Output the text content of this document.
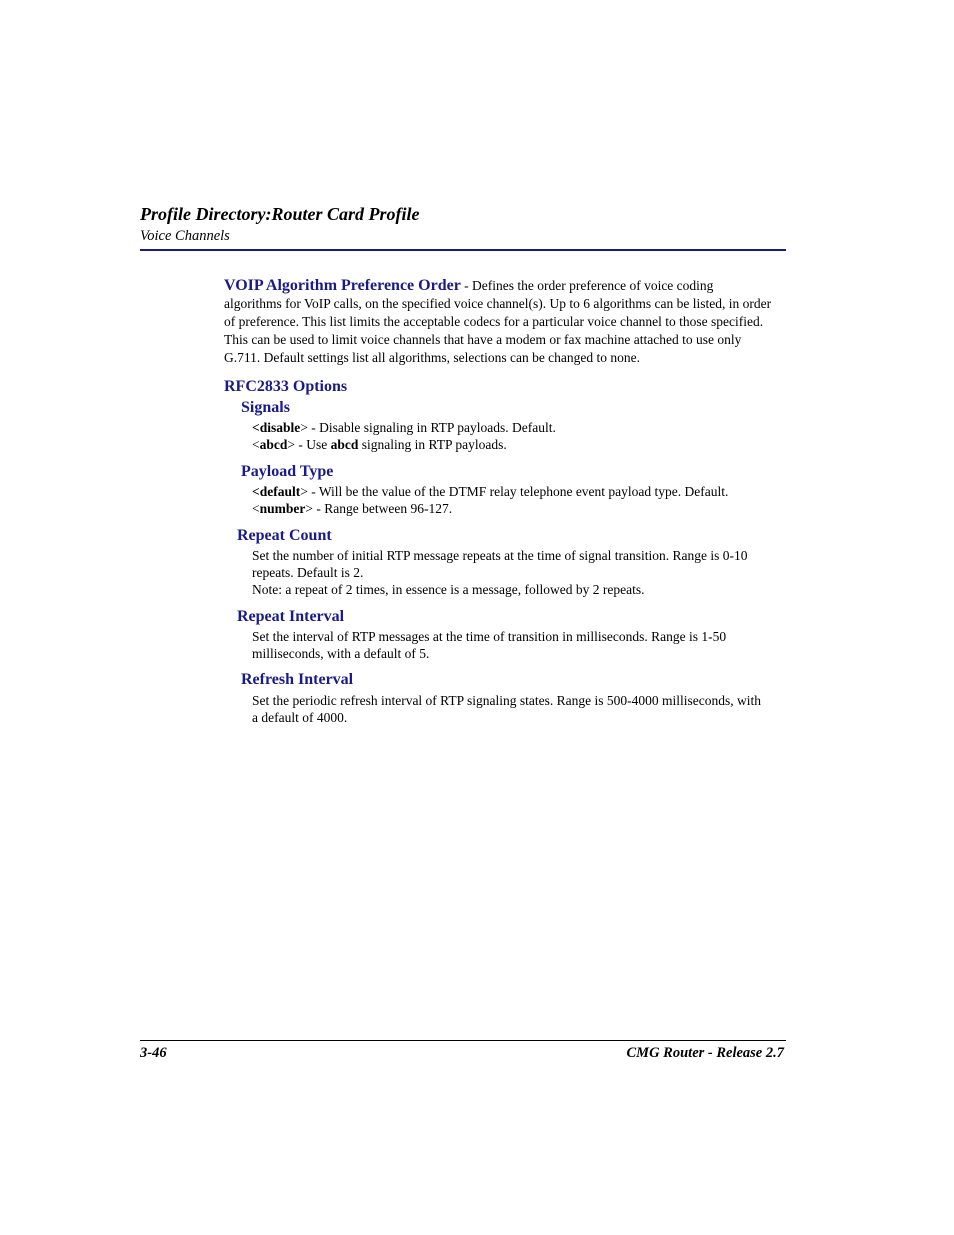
Profile Directory:Router Card Profile
Voice Channels
VOIP Algorithm Preference Order - Defines the order preference of voice coding
algorithms for VoIP calls, on the specified voice channel(s). Up to 6 algorithms can be listed, in order
of preference. This list limits the acceptable codecs for a particular voice channel to those specified.
This can be used to limit voice channels that have a modem or fax machine attached to use only
G.711. Default settings list all algorithms, selections can be changed to none.
RFC2833 Options
Signals
<disable> - Disable signaling in RTP payloads. Default.
<abcd> - Use abcd signaling in RTP payloads.
Payload Type
<default> - Will be the value of the DTMF relay telephone event payload type. Default.
<number> - Range between 96-127.
Repeat Count
Set the number of initial RTP message repeats at the time of signal transition. Range is 0-10
repeats. Default is 2.
Note: a repeat of 2 times, in essence is a message, followed by 2 repeats.
Repeat Interval
Set the interval of RTP messages at the time of transition in milliseconds. Range is 1-50
milliseconds, with a default of 5.
Refresh Interval
Set the periodic refresh interval of RTP signaling states. Range is 500-4000 milliseconds, with
a default of 4000.
3-46	CMG Router - Release 2.7
